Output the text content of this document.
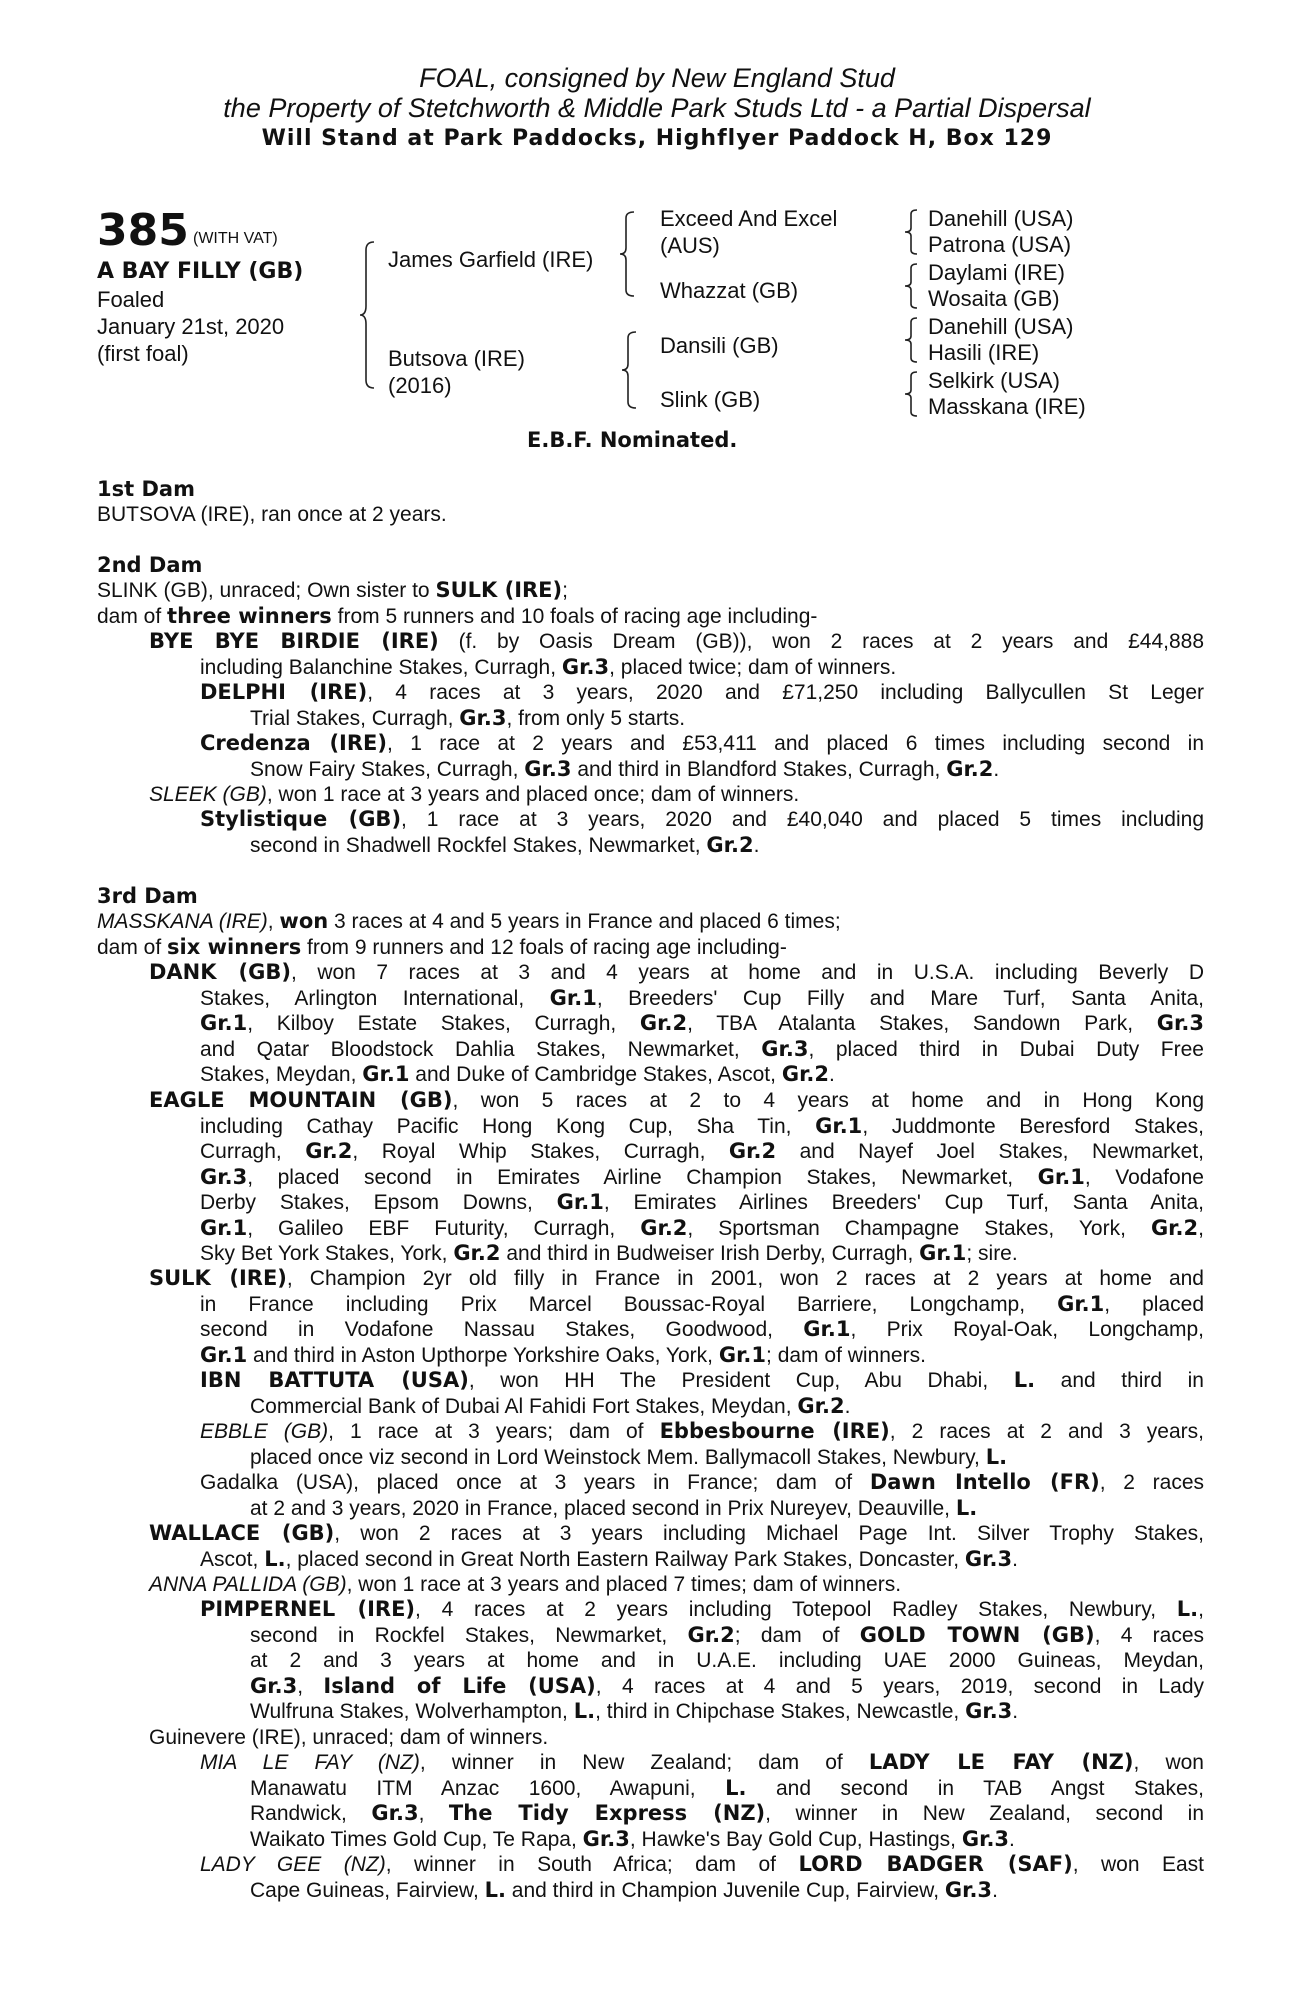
FOAL, consigned by New England Stud
the Property of Stetchworth & Middle Park Studs Ltd - a Partial Dispersal
Will Stand at Park Paddocks, Highflyer Paddock H, Box 129
385 (WITH VAT)
A BAY FILLY (GB)
Foaled
January 21st, 2020
(first foal)
James Garfield (IRE)
Butsova (IRE)
(2016)
Exceed And Excel
(AUS)
Whazzat (GB)
Dansili (GB)
Slink (GB)
Danehill (USA)
Patrona (USA)
Daylami (IRE)
Wosaita (GB)
Danehill (USA)
Hasili (IRE)
Selkirk (USA)
Masskana (IRE)
E.B.F. Nominated.
1st Dam
BUTSOVA (IRE), ran once at 2 years.
2nd Dam
SLINK (GB), unraced; Own sister to SULK (IRE);
dam of three winners from 5 runners and 10 foals of racing age including-
BYE BYE BIRDIE (IRE) (f. by Oasis Dream (GB)), won 2 races at 2 years and £44,888
including Balanchine Stakes, Curragh, Gr.3, placed twice; dam of winners.
DELPHI (IRE), 4 races at 3 years, 2020 and £71,250 including Ballycullen St Leger
Trial Stakes, Curragh, Gr.3, from only 5 starts.
Credenza (IRE), 1 race at 2 years and £53,411 and placed 6 times including second in
Snow Fairy Stakes, Curragh, Gr.3 and third in Blandford Stakes, Curragh, Gr.2.
SLEEK (GB), won 1 race at 3 years and placed once; dam of winners.
Stylistique (GB), 1 race at 3 years, 2020 and £40,040 and placed 5 times including
second in Shadwell Rockfel Stakes, Newmarket, Gr.2.
3rd Dam
MASSKANA (IRE), won 3 races at 4 and 5 years in France and placed 6 times;
dam of six winners from 9 runners and 12 foals of racing age including-
DANK (GB), won 7 races at 3 and 4 years at home and in U.S.A. including Beverly D
Stakes, Arlington International, Gr.1, Breeders' Cup Filly and Mare Turf, Santa Anita,
Gr.1, Kilboy Estate Stakes, Curragh, Gr.2, TBA Atalanta Stakes, Sandown Park, Gr.3
and Qatar Bloodstock Dahlia Stakes, Newmarket, Gr.3, placed third in Dubai Duty Free
Stakes, Meydan, Gr.1 and Duke of Cambridge Stakes, Ascot, Gr.2.
EAGLE MOUNTAIN (GB), won 5 races at 2 to 4 years at home and in Hong Kong
including Cathay Pacific Hong Kong Cup, Sha Tin, Gr.1, Juddmonte Beresford Stakes,
Curragh, Gr.2, Royal Whip Stakes, Curragh, Gr.2 and Nayef Joel Stakes, Newmarket,
Gr.3, placed second in Emirates Airline Champion Stakes, Newmarket, Gr.1, Vodafone
Derby Stakes, Epsom Downs, Gr.1, Emirates Airlines Breeders' Cup Turf, Santa Anita,
Gr.1, Galileo EBF Futurity, Curragh, Gr.2, Sportsman Champagne Stakes, York, Gr.2,
Sky Bet York Stakes, York, Gr.2 and third in Budweiser Irish Derby, Curragh, Gr.1; sire.
SULK (IRE), Champion 2yr old filly in France in 2001, won 2 races at 2 years at home and
in France including Prix Marcel Boussac-Royal Barriere, Longchamp, Gr.1, placed
second in Vodafone Nassau Stakes, Goodwood, Gr.1, Prix Royal-Oak, Longchamp,
Gr.1 and third in Aston Upthorpe Yorkshire Oaks, York, Gr.1; dam of winners.
IBN BATTUTA (USA), won HH The President Cup, Abu Dhabi, L. and third in
Commercial Bank of Dubai Al Fahidi Fort Stakes, Meydan, Gr.2.
EBBLE (GB), 1 race at 3 years; dam of Ebbesbourne (IRE), 2 races at 2 and 3 years,
placed once viz second in Lord Weinstock Mem. Ballymacoll Stakes, Newbury, L.
Gadalka (USA), placed once at 3 years in France; dam of Dawn Intello (FR), 2 races
at 2 and 3 years, 2020 in France, placed second in Prix Nureyev, Deauville, L.
WALLACE (GB), won 2 races at 3 years including Michael Page Int. Silver Trophy Stakes,
Ascot, L., placed second in Great North Eastern Railway Park Stakes, Doncaster, Gr.3.
ANNA PALLIDA (GB), won 1 race at 3 years and placed 7 times; dam of winners.
PIMPERNEL (IRE), 4 races at 2 years including Totepool Radley Stakes, Newbury, L.,
second in Rockfel Stakes, Newmarket, Gr.2; dam of GOLD TOWN (GB), 4 races
at 2 and 3 years at home and in U.A.E. including UAE 2000 Guineas, Meydan,
Gr.3, Island of Life (USA), 4 races at 4 and 5 years, 2019, second in Lady
Wulfruna Stakes, Wolverhampton, L., third in Chipchase Stakes, Newcastle, Gr.3.
Guinevere (IRE), unraced; dam of winners.
MIA LE FAY (NZ), winner in New Zealand; dam of LADY LE FAY (NZ), won
Manawatu ITM Anzac 1600, Awapuni, L. and second in TAB Angst Stakes,
Randwick, Gr.3, The Tidy Express (NZ), winner in New Zealand, second in
Waikato Times Gold Cup, Te Rapa, Gr.3, Hawke's Bay Gold Cup, Hastings, Gr.3.
LADY GEE (NZ), winner in South Africa; dam of LORD BADGER (SAF), won East
Cape Guineas, Fairview, L. and third in Champion Juvenile Cup, Fairview, Gr.3.
